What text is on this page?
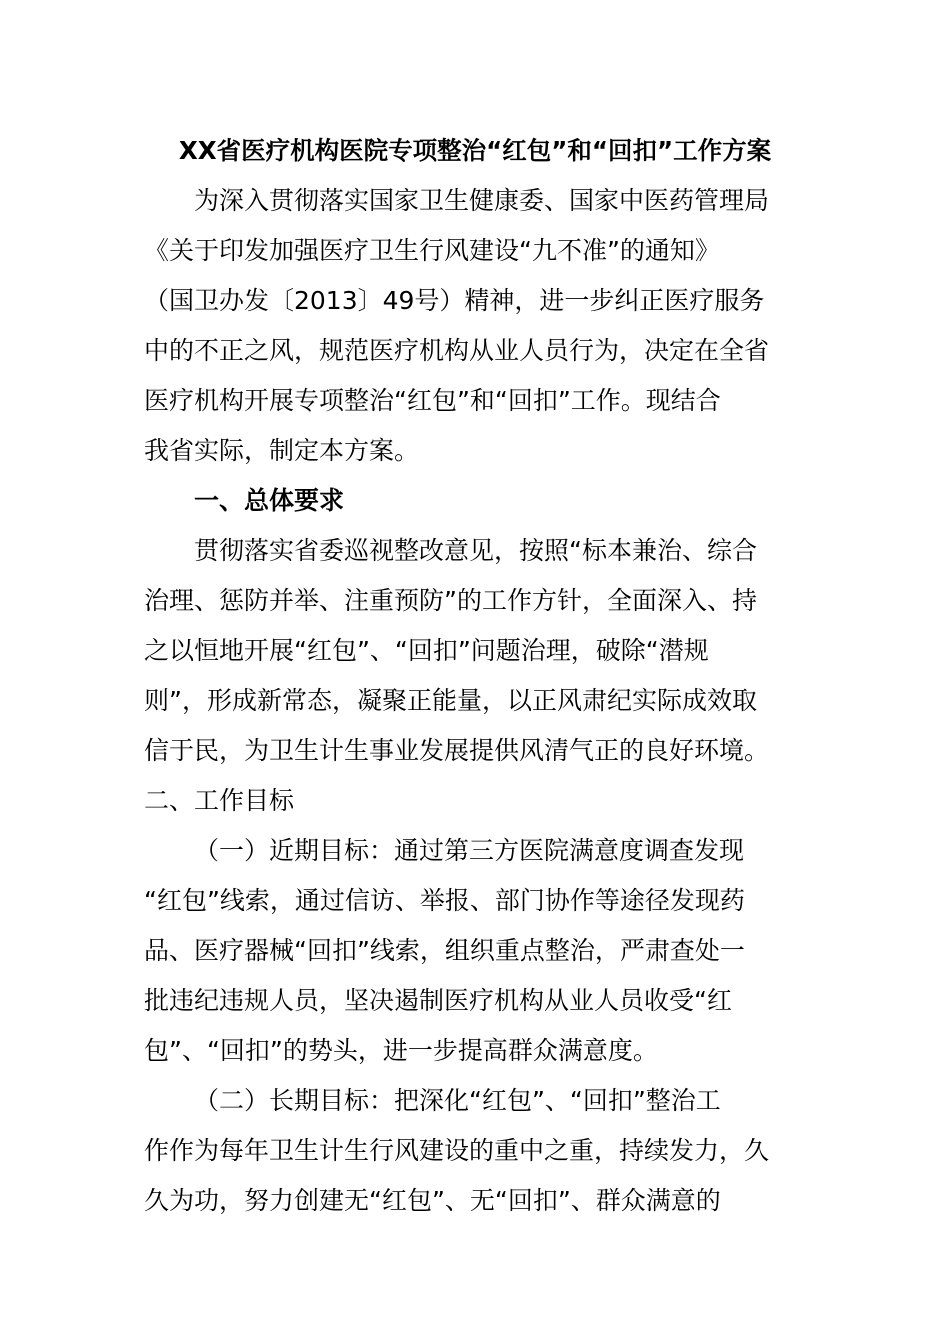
XX省医疗机构医院专项整治“红包”和“回扣”工作方案
为深入贯彻落实国家卫生健康委、国家中医药管理局
《关于印发加强医疗卫生行风建设“九不准”的通知》
（国卫办发〔2013〕49号）精神，进一步纠正医疗服务
中的不正之风，规范医疗机构从业人员行为，决定在全省
医疗机构开展专项整治“红包”和“回扣”工作。现结合
我省实际，制定本方案。
一、总体要求
贯彻落实省委巡视整改意见，按照“标本兼治、综合
治理、惩防并举、注重预防”的工作方针，全面深入、持
之以恒地开展“红包”、“回扣”问题治理，破除“潜规
则”，形成新常态，凝聚正能量，以正风肃纪实际成效取
信于民，为卫生计生事业发展提供风清气正的良好环境。
二、工作目标
（一）近期目标：通过第三方医院满意度调查发现
“红包”线索，通过信访、举报、部门协作等途径发现药
品、医疗器械“回扣”线索，组织重点整治，严肃查处一
批违纪违规人员，坚决遏制医疗机构从业人员收受“红
包”、“回扣”的势头，进一步提高群众满意度。
（二）长期目标：把深化“红包”、“回扣”整治工
作作为每年卫生计生行风建设的重中之重，持续发力，久
久为功，努力创建无“红包”、无“回扣”、群众满意的
